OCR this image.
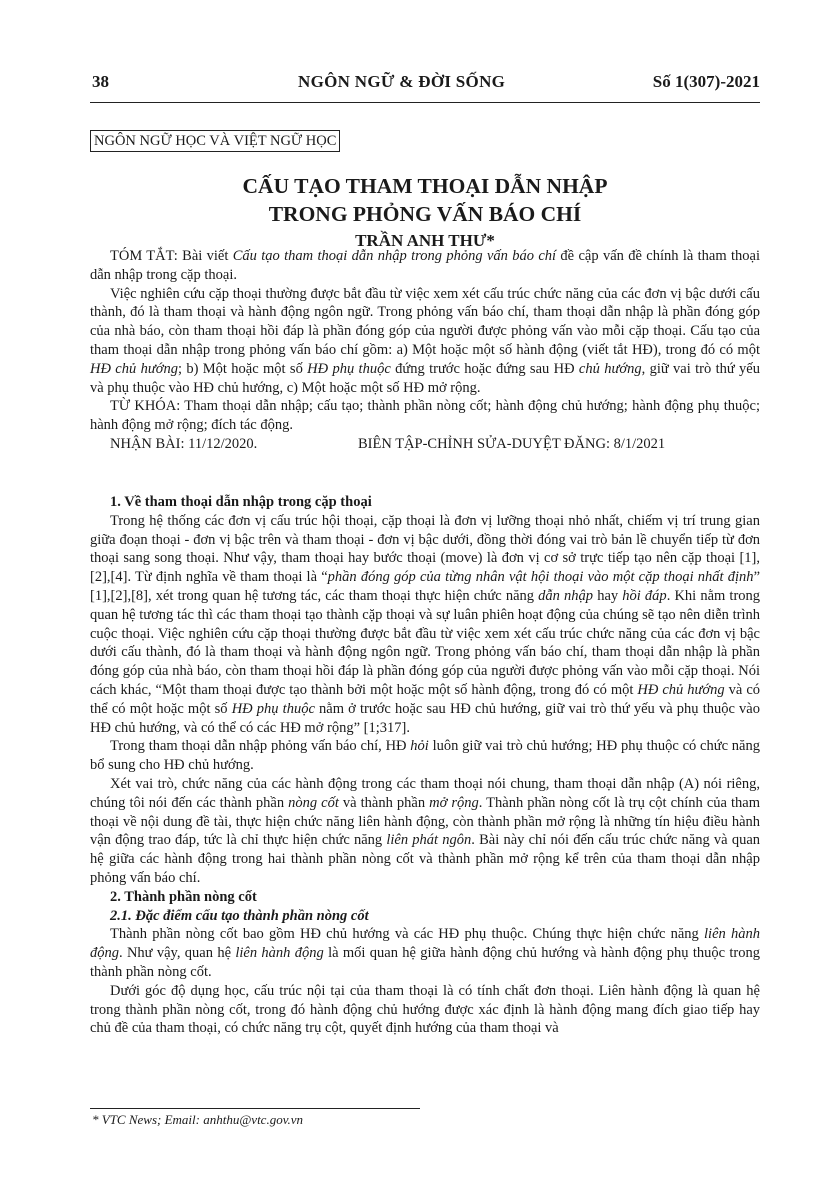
38	NGÔN NGỮ & ĐỜI SỐNG	Số 1(307)-2021
NGÔN NGỮ HỌC VÀ VIỆT NGỮ HỌC
CẤU TẠO THAM THOẠI DẪN NHẬP
TRONG PHỎNG VẤN BÁO CHÍ
TRẦN ANH THƯ*

TÓM TẮT: Bài viết Cấu tạo tham thoại dẫn nhập trong phỏng vấn báo chí đề cập vấn đề chính là tham thoại dẫn nhập trong cặp thoại.

Việc nghiên cứu cặp thoại thường được bắt đầu từ việc xem xét cấu trúc chức năng của các đơn vị bậc dưới cấu thành, đó là tham thoại và hành động ngôn ngữ. Trong phỏng vấn báo chí, tham thoại dẫn nhập là phần đóng góp của nhà báo, còn tham thoại hồi đáp là phần đóng góp của người được phỏng vấn vào mỗi cặp thoại. Cấu tạo của tham thoại dẫn nhập trong phỏng vấn báo chí gồm: a) Một hoặc một số hành động (viết tắt HĐ), trong đó có một HĐ chủ hướng; b) Một hoặc một số HĐ phụ thuộc đứng trước hoặc đứng sau HĐ chủ hướng, giữ vai trò thứ yếu và phụ thuộc vào HĐ chủ hướng, c) Một hoặc một số HĐ mở rộng.

TỪ KHÓA: Tham thoại dẫn nhập; cấu tạo; thành phần nòng cốt; hành động chủ hướng; hành động phụ thuộc; hành động mở rộng; đích tác động.

NHẬN BÀI: 11/12/2020.	BIÊN TẬP-CHỈNH SỬA-DUYỆT ĐĂNG: 8/1/2021

1. Về tham thoại dẫn nhập trong cặp thoại

Trong hệ thống các đơn vị cấu trúc hội thoại, cặp thoại là đơn vị lưỡng thoại nhỏ nhất, chiếm vị trí trung gian giữa đoạn thoại - đơn vị bậc trên và tham thoại - đơn vị bậc dưới, đồng thời đóng vai trò bản lề chuyển tiếp từ đơn thoại sang song thoại. Như vậy, tham thoại hay bước thoại (move) là đơn vị cơ sở trực tiếp tạo nên cặp thoại [1],[2],[4]. Từ định nghĩa về tham thoại là “phần đóng góp của từng nhân vật hội thoại vào một cặp thoại nhất định” [1],[2],[8], xét trong quan hệ tương tác, các tham thoại thực hiện chức năng dẫn nhập hay hồi đáp. Khi nằm trong quan hệ tương tác thì các tham thoại tạo thành cặp thoại và sự luân phiên hoạt động của chúng sẽ tạo nên diễn trình cuộc thoại. Việc nghiên cứu cặp thoại thường được bắt đầu từ việc xem xét cấu trúc chức năng của các đơn vị bậc dưới cấu thành, đó là tham thoại và hành động ngôn ngữ. Trong phỏng vấn báo chí, tham thoại dẫn nhập là phần đóng góp của nhà báo, còn tham thoại hồi đáp là phần đóng góp của người được phỏng vấn vào mỗi cặp thoại. Nói cách khác, “Một tham thoại được tạo thành bởi một hoặc một số hành động, trong đó có một HĐ chủ hướng và có thể có một hoặc một số HĐ phụ thuộc nằm ở trước hoặc sau HĐ chủ hướng, giữ vai trò thứ yếu và phụ thuộc vào HĐ chủ hướng, và có thể có các HĐ mở rộng” [1;317].

Trong tham thoại dẫn nhập phỏng vấn báo chí, HĐ hỏi luôn giữ vai trò chủ hướng; HĐ phụ thuộc có chức năng bổ sung cho HĐ chủ hướng.

Xét vai trò, chức năng của các hành động trong các tham thoại nói chung, tham thoại dẫn nhập (A) nói riêng, chúng tôi nói đến các thành phần nòng cốt và thành phần mở rộng. Thành phần nòng cốt là trụ cột chính của tham thoại về nội dung đề tài, thực hiện chức năng liên hành động, còn thành phần mở rộng là những tín hiệu điều hành vận động trao đáp, tức là chỉ thực hiện chức năng liên phát ngôn. Bài này chỉ nói đến cấu trúc chức năng và quan hệ giữa các hành động trong hai thành phần nòng cốt và thành phần mở rộng kể trên của tham thoại dẫn nhập phỏng vấn báo chí.

2. Thành phần nòng cốt

2.1. Đặc điểm cấu tạo thành phần nòng cốt

Thành phần nòng cốt bao gồm HĐ chủ hướng và các HĐ phụ thuộc. Chúng thực hiện chức năng liên hành động. Như vậy, quan hệ liên hành động là mối quan hệ giữa hành động chủ hướng và hành động phụ thuộc trong thành phần nòng cốt.

Dưới góc độ dụng học, cấu trúc nội tại của tham thoại là có tính chất đơn thoại. Liên hành động là quan hệ trong thành phần nòng cốt, trong đó hành động chủ hướng được xác định là hành động mang đích giao tiếp hay chủ đề của tham thoại, có chức năng trụ cột, quyết định hướng của tham thoại và

* VTC News; Email: anhthu@vtc.gov.vn
